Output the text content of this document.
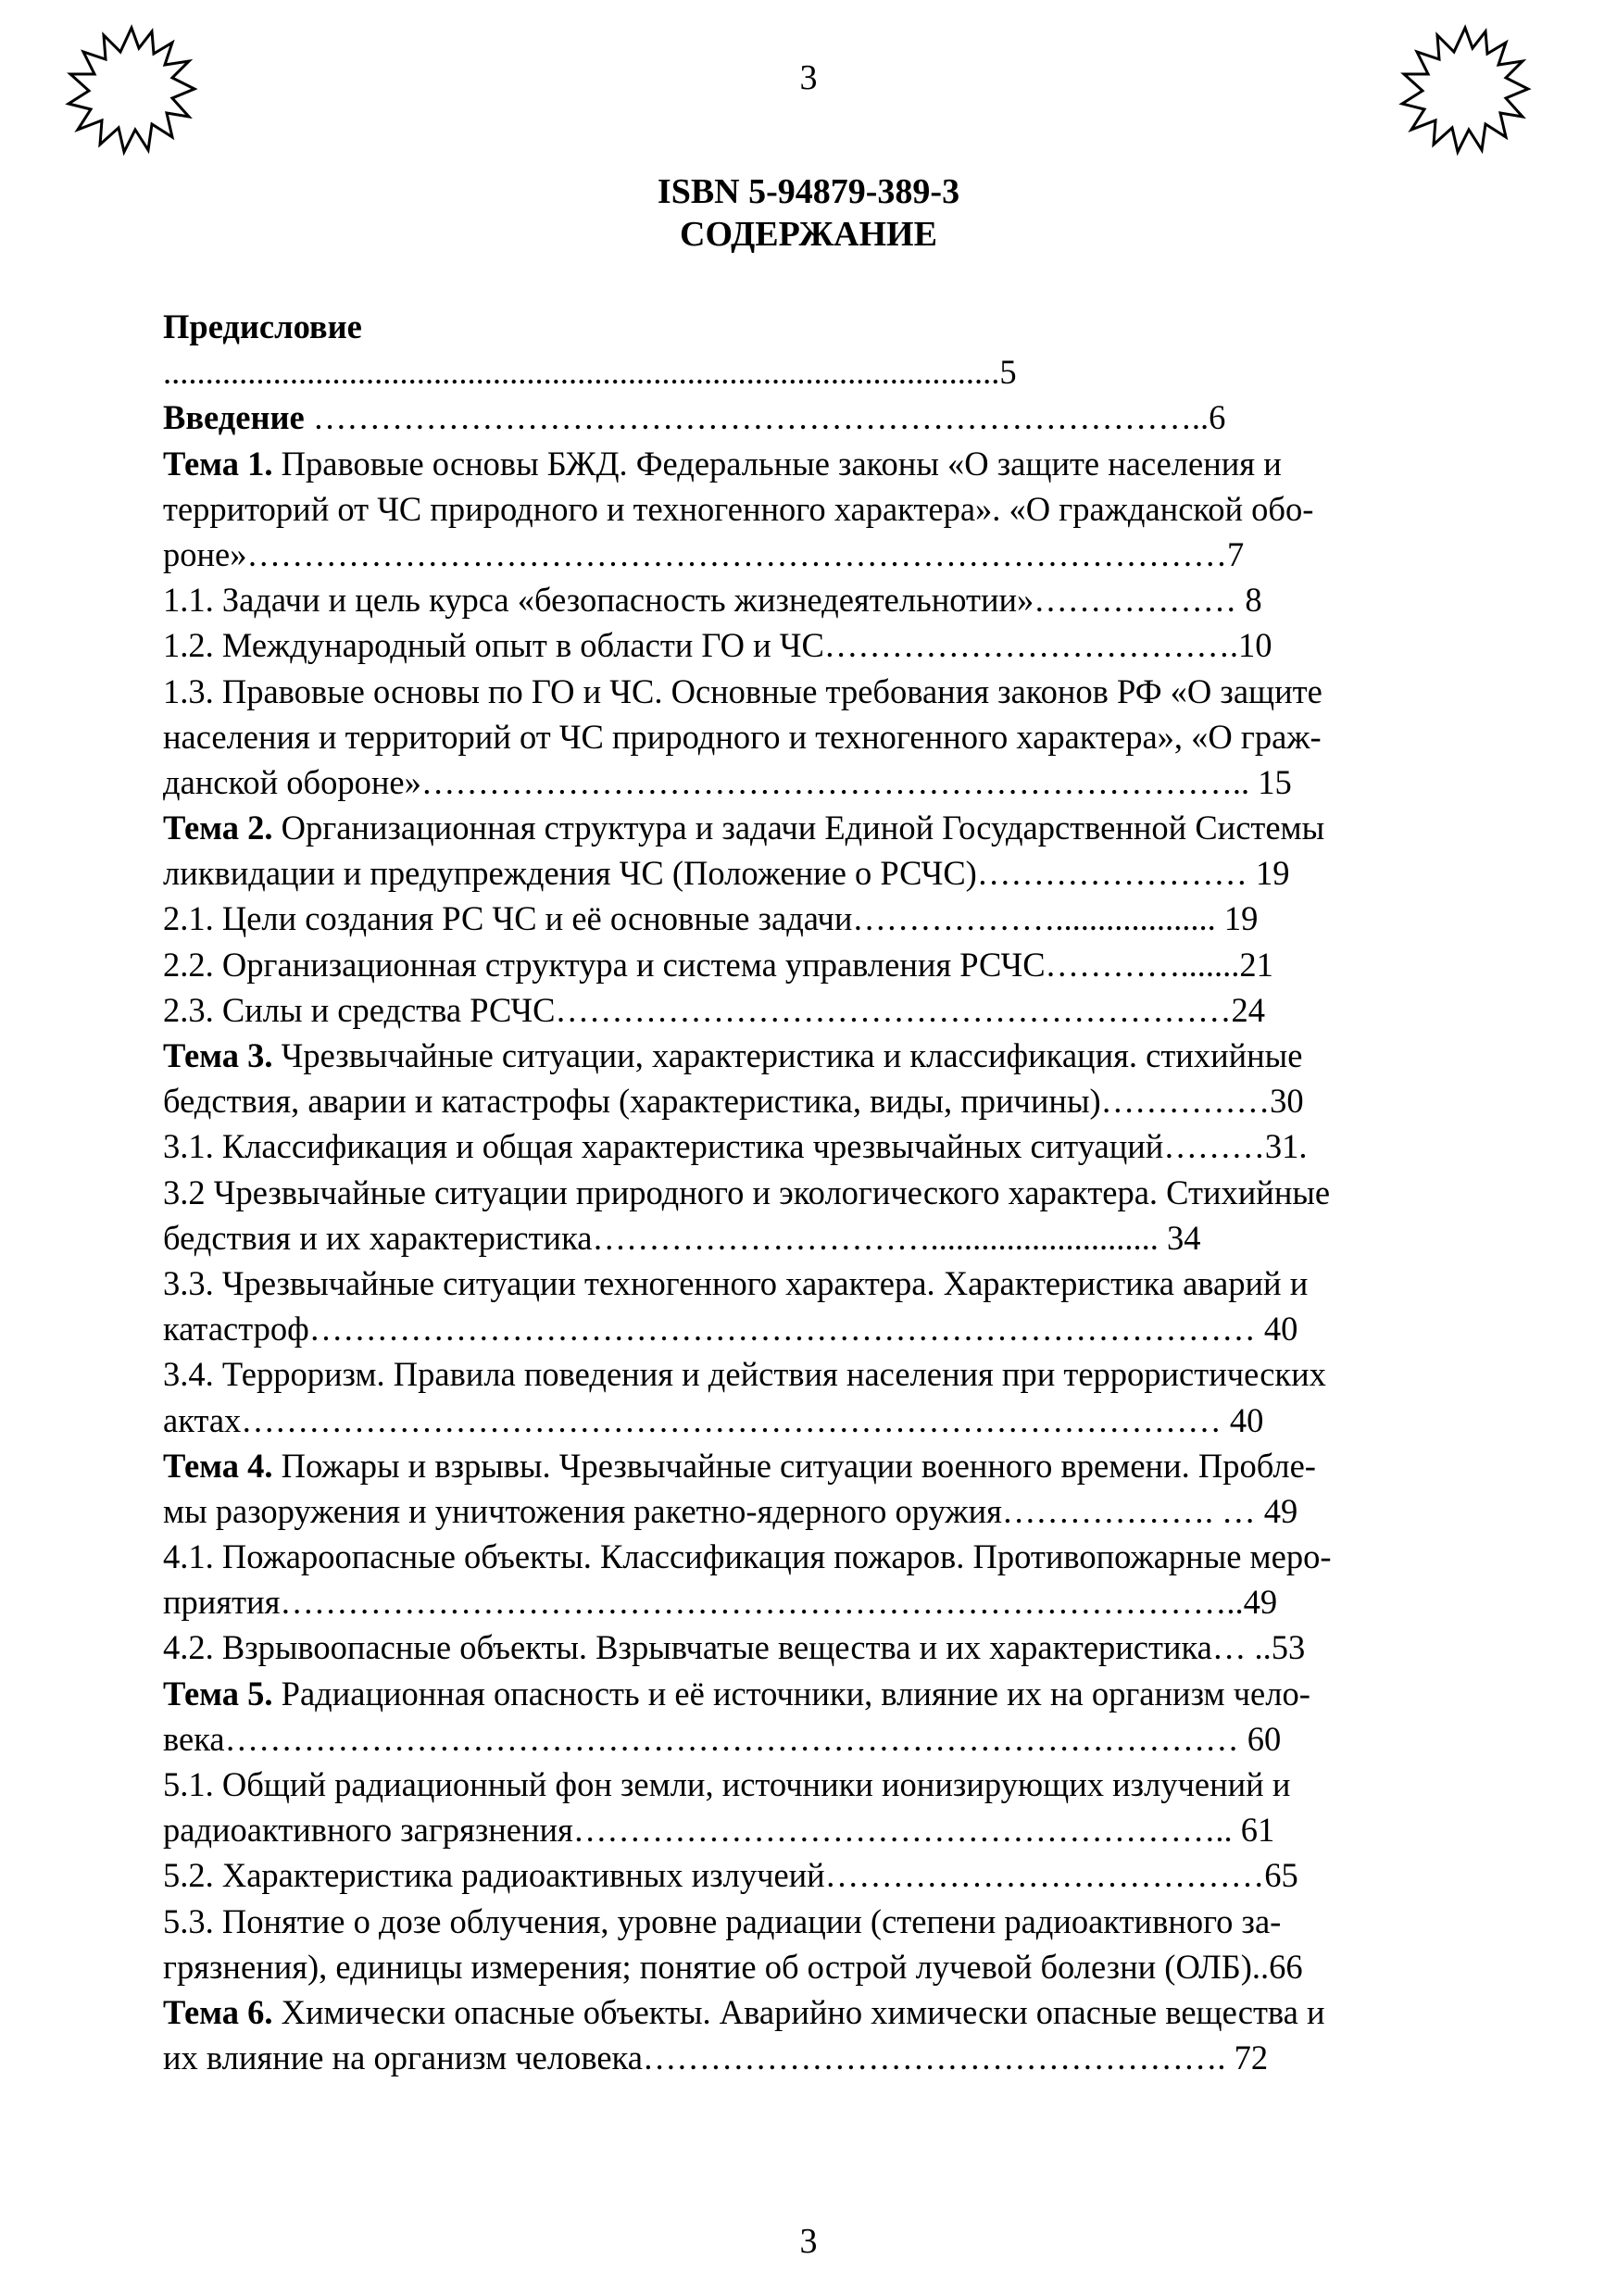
3
ISBN 5-94879-389-3
СОДЕРЖАНИЕ
Предисловие
...................................................................................................5
Введение ……………………………………………………………………..6
Тема 1. Правовые основы БЖД. Федеральные законы «О защите населения и
территорий от ЧС природного и техногенного характера». «О гражданской обо-
роне»……………………………………………………………………………7
1.1. Задачи и цель курса «безопасность жизнедеятельнотии»……………… 8
1.2. Международный опыт в области ГО и ЧС……………………………….10
1.3. Правовые основы по ГО и ЧС. Основные требования законов РФ «О защите
населения и территорий от ЧС природного и техногенного характера», «О граж-
данской обороне»……………………………………………………………….. 15
Тема 2. Организационная структура и задачи Единой Государственной Системы
ликвидации и предупреждения ЧС (Положение о РСЧС)…………………… 19
2.1. Цели создания РС ЧС и её основные задачи………………................... 19
2.2. Организационная структура и система управления РСЧС………….......21
2.3. Силы и средства РСЧС……………………………………………………24
Тема 3. Чрезвычайные ситуации, характеристика и классификация. стихийные
бедствия, аварии и катастрофы (характеристика, виды, причины)……………30
3.1. Классификация и общая характеристика чрезвычайных ситуаций………31.
3.2 Чрезвычайные ситуации природного и экологического характера. Стихийные
бедствия и их характеристика…………………………........................... 34
3.3. Чрезвычайные ситуации техногенного характера. Характеристика аварий и
катастроф………………………………………………………………………… 40
3.4. Терроризм. Правила поведения и действия населения при террористических
актах…………………………………………………………………………… 40
Тема 4. Пожары и взрывы. Чрезвычайные ситуации военного времени. Пробле-
мы разоружения и уничтожения ракетно-ядерного оружия………………. … 49
4.1. Пожароопасные объекты. Классификация пожаров. Противопожарные меро-
приятия…………………………………………………………………………..49
4.2. Взрывоопасные объекты. Взрывчатые вещества и их характеристика… ..53
Тема 5. Радиационная опасность и её источники, влияние их на организм чело-
века……………………………………………………………………………… 60
5.1. Общий радиационный фон земли, источники ионизирующих излучений и
радиоактивного загрязнения………………………………………………….. 61
5.2. Характеристика радиоактивных излучеий…………………………………65
5.3. Понятие о дозе облучения, уровне радиации (степени радиоактивного за-
грязнения), единицы измерения; понятие об острой лучевой болезни (ОЛБ)..66
Тема 6. Химически опасные объекты. Аварийно химически опасные вещества и
их влияние на организм человека……………………………………………. 72
3
